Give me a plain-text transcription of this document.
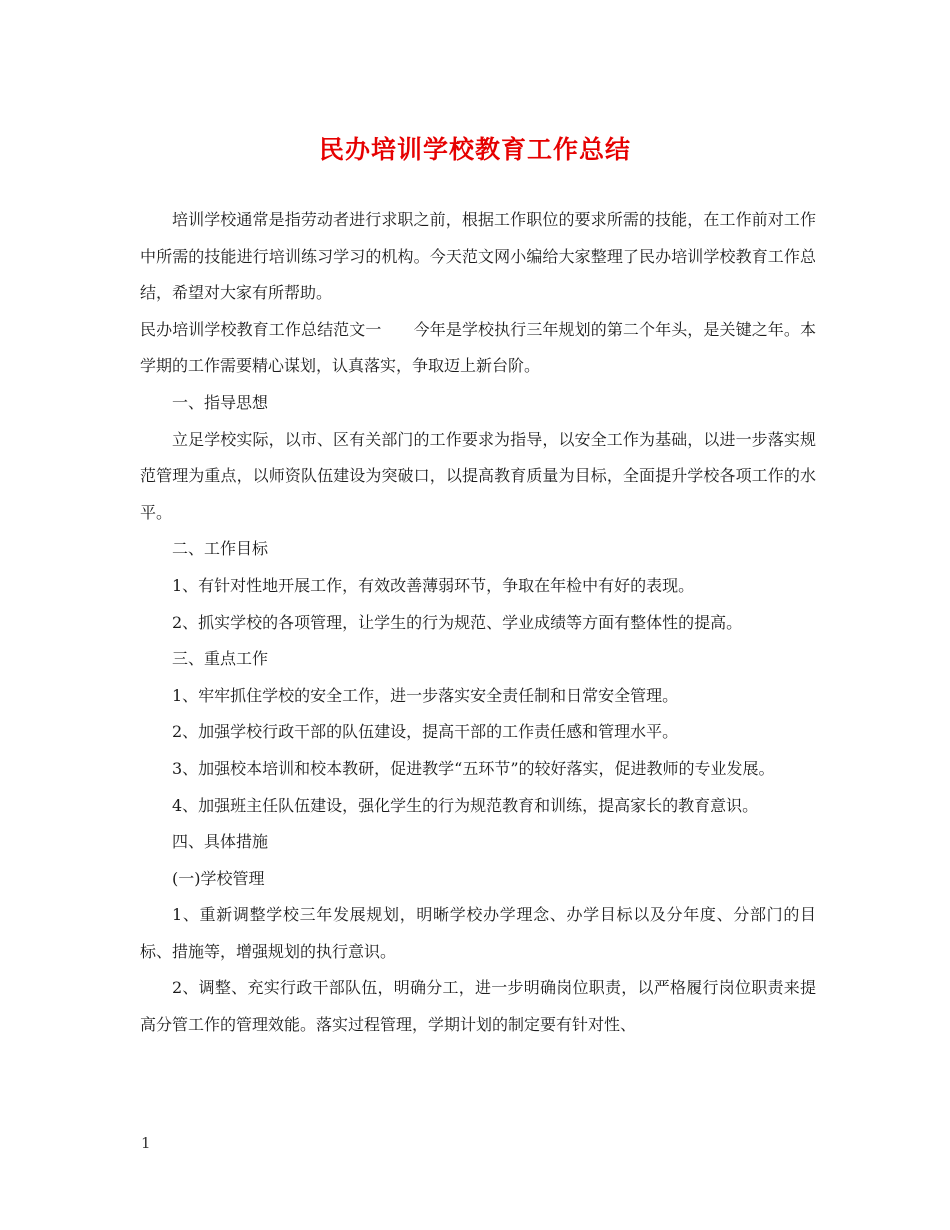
民办培训学校教育工作总结

培训学校通常是指劳动者进行求职之前，根据工作职位的要求所需的技能，在工作前对工作中所需的技能进行培训练习学习的机构。今天范文网小编给大家整理了民办培训学校教育工作总结，希望对大家有所帮助。

民办培训学校教育工作总结范文一　　今年是学校执行三年规划的第二个年头，是关键之年。本学期的工作需要精心谋划，认真落实，争取迈上新台阶。

一、指导思想

立足学校实际，以市、区有关部门的工作要求为指导，以安全工作为基础，以进一步落实规范管理为重点，以师资队伍建设为突破口，以提高教育质量为目标，全面提升学校各项工作的水平。

二、工作目标

1、有针对性地开展工作，有效改善薄弱环节，争取在年检中有好的表现。

2、抓实学校的各项管理，让学生的行为规范、学业成绩等方面有整体性的提高。

三、重点工作

1、牢牢抓住学校的安全工作，进一步落实安全责任制和日常安全管理。

2、加强学校行政干部的队伍建设，提高干部的工作责任感和管理水平。

3、加强校本培训和校本教研，促进教学“五环节”的较好落实，促进教师的专业发展。

4、加强班主任队伍建设，强化学生的行为规范教育和训练，提高家长的教育意识。

四、具体措施

(一)学校管理

1、重新调整学校三年发展规划，明晰学校办学理念、办学目标以及分年度、分部门的目标、措施等，增强规划的执行意识。

2、调整、充实行政干部队伍，明确分工，进一步明确岗位职责，以严格履行岗位职责来提高分管工作的管理效能。落实过程管理，学期计划的制定要有针对性、

1
